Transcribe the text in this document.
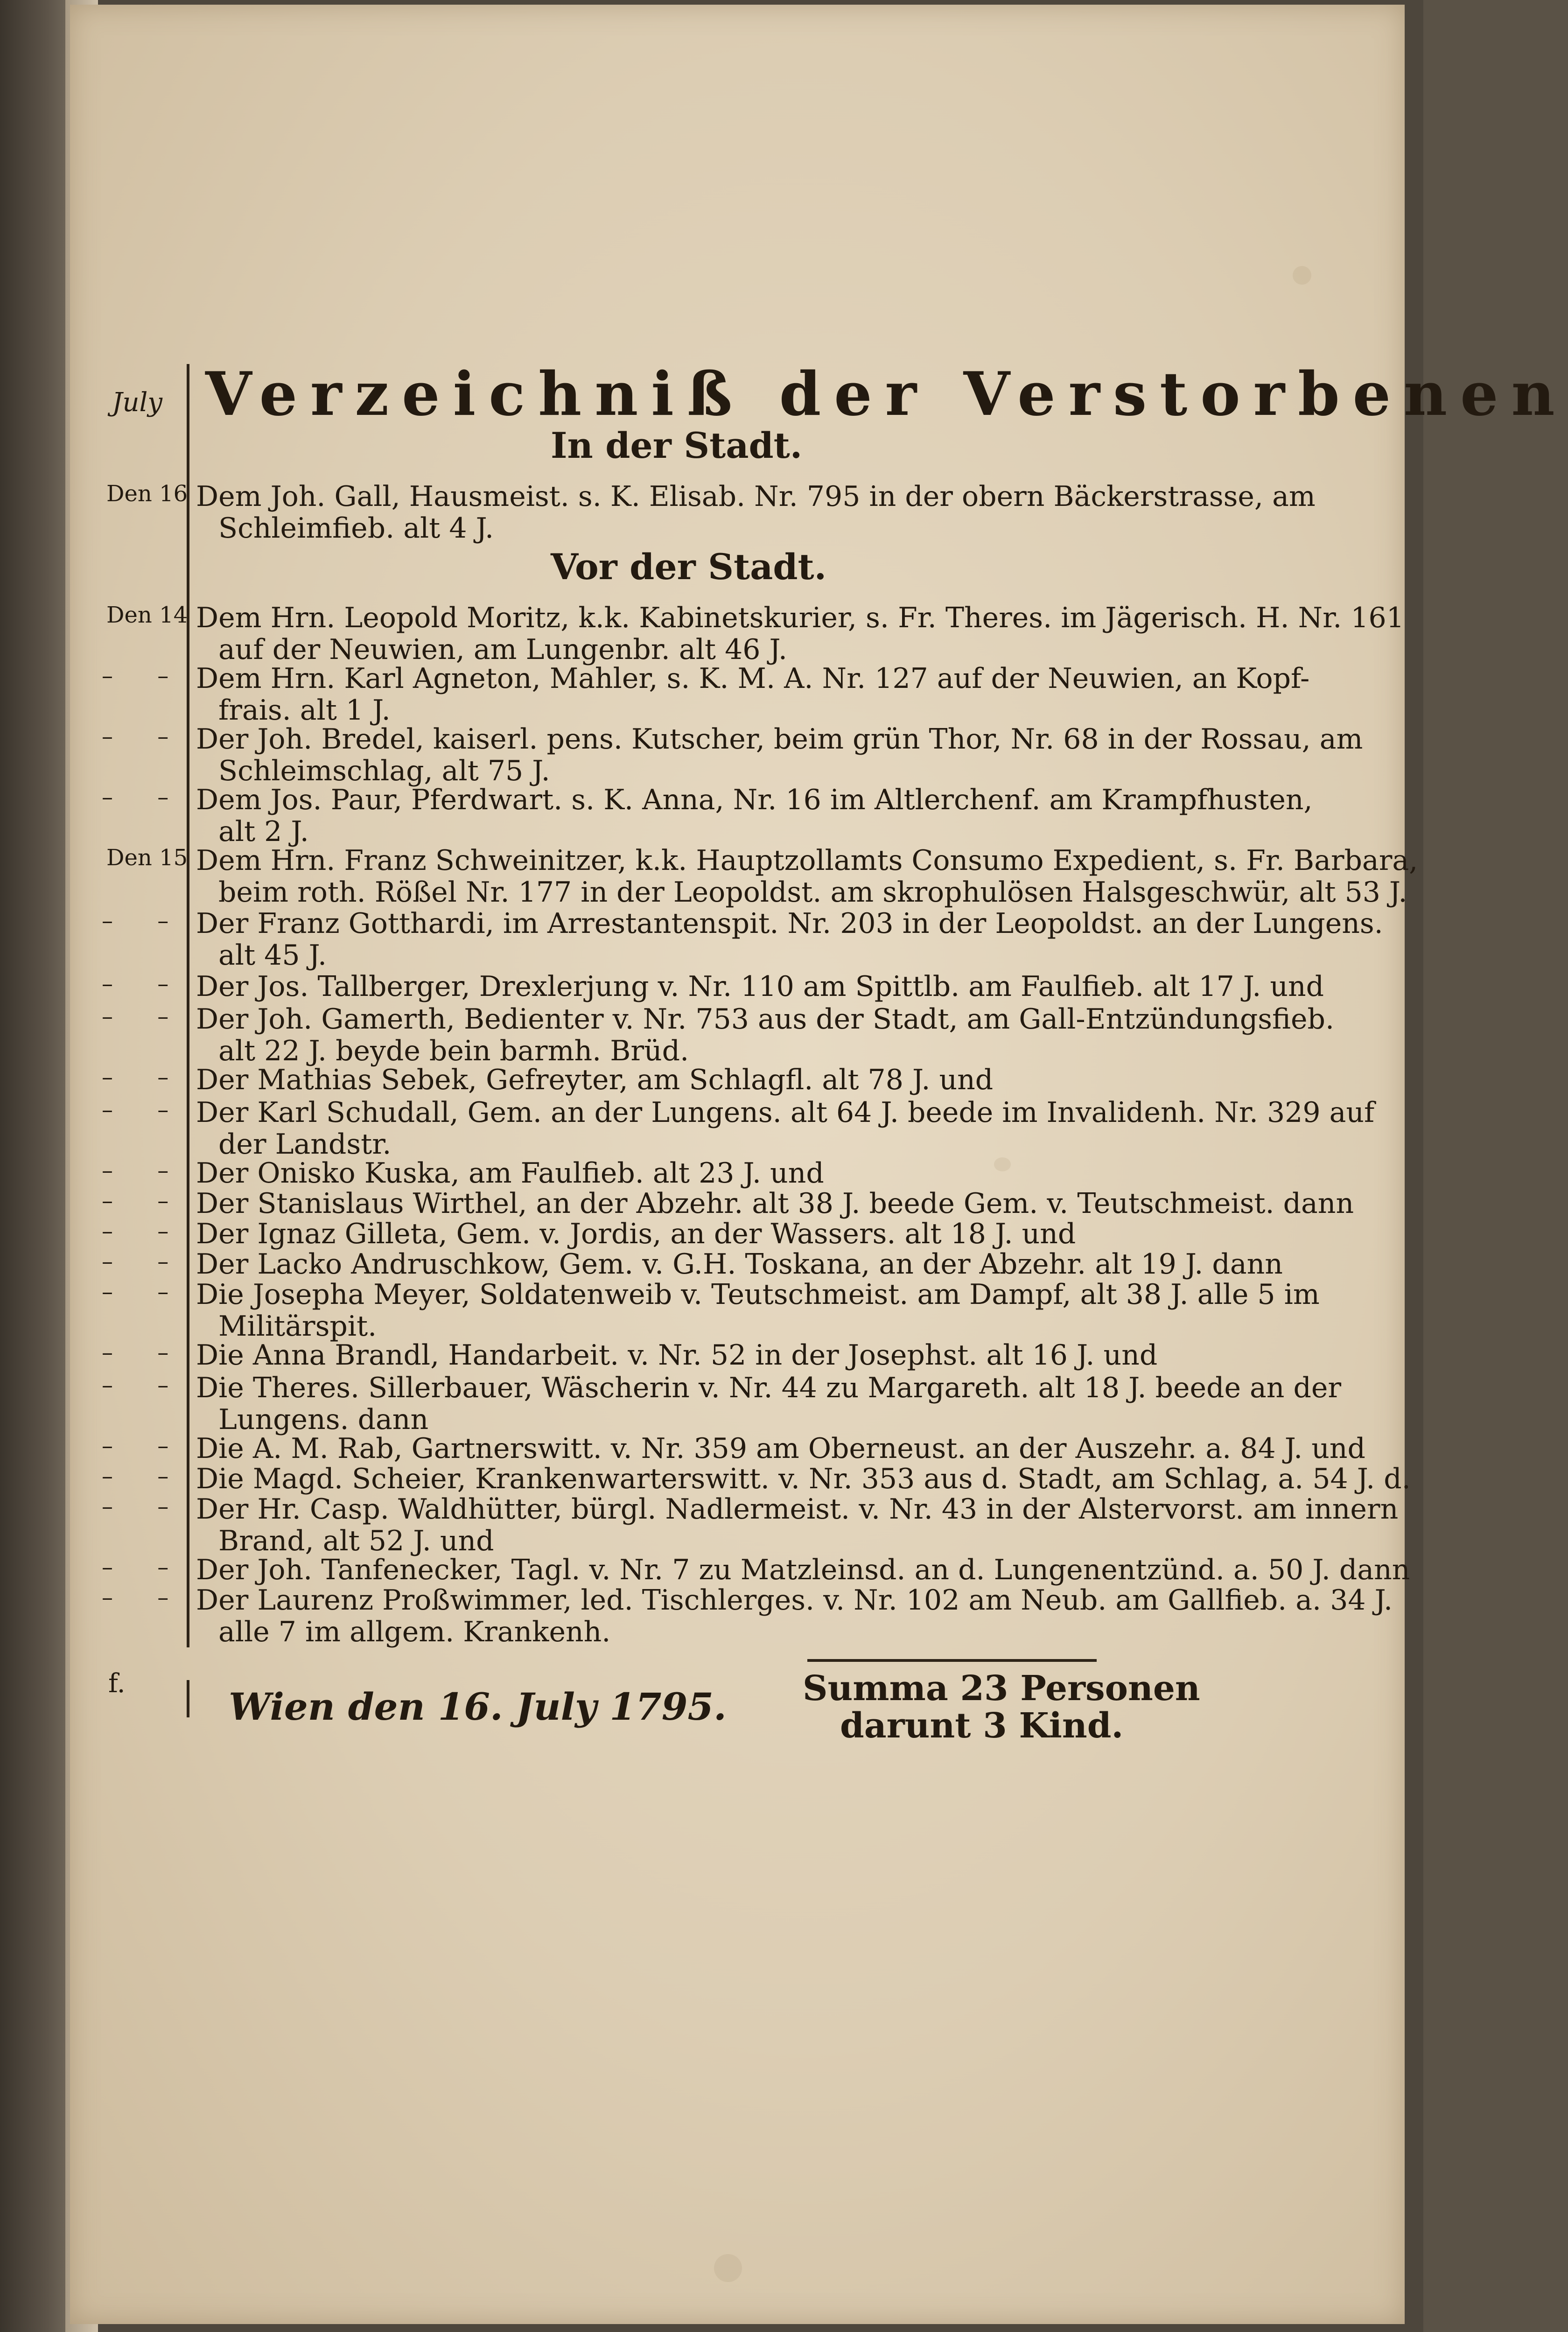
July Verzeichniß der Verstorbenen
In der Stadt.
Den 16 Dem Joh. Gall, Hausmeist. s. K. Elisab. Nr. 795 in der obern Bäckerstrasse, am
Schleimfieb. alt 4 J.
Vor der Stadt.
Den 14 Dem Hrn. Leopold Moritz, k.k. Kabinetskurier, s. Fr. Theres. im Jägerisch. H. Nr. 161
auf der Neuwien, am Lungenbr. alt 46 J.
– – Dem Hrn. Karl Agneton, Mahler, s. K. M. A. Nr. 127 auf der Neuwien, an Kopf-
frais. alt 1 J.
– – Der Joh. Bredel, kaiserl. pens. Kutscher, beim grün Thor, Nr. 68 in der Rossau, am
Schleimschlag, alt 75 J.
– – Dem Jos. Paur, Pferdwart. s. K. Anna, Nr. 16 im Altlerchenf. am Krampfhusten,
alt 2 J.
Den 15 Dem Hrn. Franz Schweinitzer, k.k. Hauptzollamts Consumo Expedient, s. Fr. Barbara,
beim roth. Rößel Nr. 177 in der Leopoldst. am skrophulösen Halsgeschwür, alt 53 J.
– – Der Franz Gotthardi, im Arrestantenspit. Nr. 203 in der Leopoldst. an der Lungens.
alt 45 J.
– – Der Jos. Tallberger, Drexlerjung v. Nr. 110 am Spittlb. am Faulfieb. alt 17 J. und
– – Der Joh. Gamerth, Bedienter v. Nr. 753 aus der Stadt, am Gall-Entzündungsfieb.
alt 22 J. beyde bein barmh. Brüd.
– – Der Mathias Sebek, Gefreyter, am Schlagfl. alt 78 J. und
– – Der Karl Schudall, Gem. an der Lungens. alt 64 J. beede im Invalidenh. Nr. 329 auf
der Landstr.
– – Der Onisko Kuska, am Faulfieb. alt 23 J. und
– – Der Stanislaus Wirthel, an der Abzehr. alt 38 J. beede Gem. v. Teutschmeist. dann
– – Der Ignaz Gilleta, Gem. v. Jordis, an der Wassers. alt 18 J. und
– – Der Lacko Andruschkow, Gem. v. G.H. Toskana, an der Abzehr. alt 19 J. dann
– – Die Josepha Meyer, Soldatenweib v. Teutschmeist. am Dampf, alt 38 J. alle 5 im
Militärspit.
– – Die Anna Brandl, Handarbeit. v. Nr. 52 in der Josephst. alt 16 J. und
– – Die Theres. Sillerbauer, Wäscherin v. Nr. 44 zu Margareth. alt 18 J. beede an der
Lungens. dann
– – Die A. M. Rab, Gartnerswitt. v. Nr. 359 am Oberneust. an der Auszehr. a. 84 J. und
– – Die Magd. Scheier, Krankenwarterswitt. v. Nr. 353 aus d. Stadt, am Schlag, a. 54 J. d.
– – Der Hr. Casp. Waldhütter, bürgl. Nadlermeist. v. Nr. 43 in der Alstervorst. am innern
Brand, alt 52 J. und
– – Der Joh. Tanfenecker, Tagl. v. Nr. 7 zu Matzleinsd. an d. Lungenentzünd. a. 50 J. dann
– – Der Laurenz Proßwimmer, led. Tischlerges. v. Nr. 102 am Neub. am Gallfieb. a. 34 J.
alle 7 im allgem. Krankenh.
f.
Wien den 16. July 1795. Summa 23 Personen
darunt 3 Kind.
